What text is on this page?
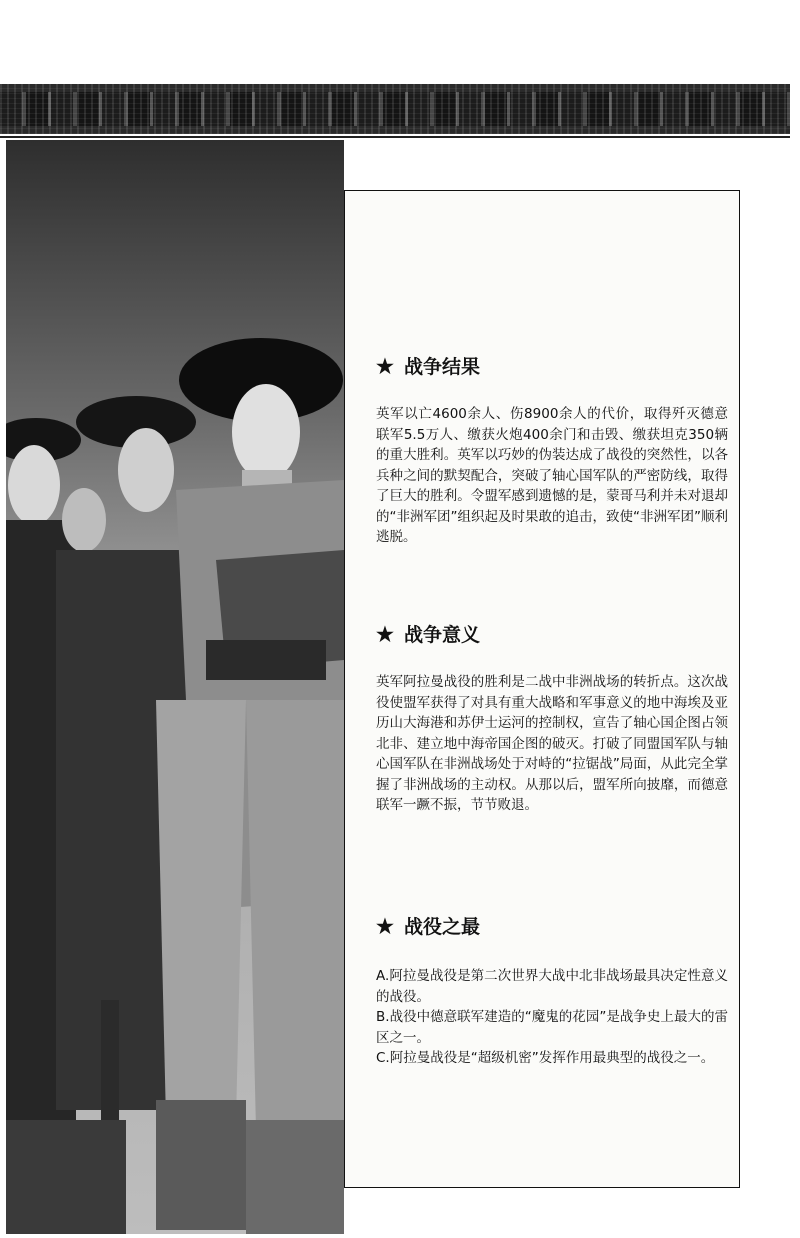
★ 战争结果

英军以亡4600余人、伤8900余人的代价，取得歼灭德意联军5.5万人、缴获火炮400余门和击毁、缴获坦克350辆的重大胜利。英军以巧妙的伪装达成了战役的突然性，以各兵种之间的默契配合，突破了轴心国军队的严密防线，取得了巨大的胜利。令盟军感到遗憾的是，蒙哥马利并未对退却的“非洲军团”组织起及时果敢的追击，致使“非洲军团”顺利逃脱。

★ 战争意义

英军阿拉曼战役的胜利是二战中非洲战场的转折点。这次战役使盟军获得了对具有重大战略和军事意义的地中海埃及亚历山大海港和苏伊士运河的控制权，宣告了轴心国企图占领北非、建立地中海帝国企图的破灭。打破了同盟国军队与轴心国军队在非洲战场处于对峙的“拉锯战”局面，从此完全掌握了非洲战场的主动权。从那以后，盟军所向披靡，而德意联军一蹶不振，节节败退。

★ 战役之最

A.阿拉曼战役是第二次世界大战中北非战场最具决定性意义的战役。

B.战役中德意联军建造的“魔鬼的花园”是战争史上最大的雷区之一。

C.阿拉曼战役是“超级机密”发挥作用最典型的战役之一。
